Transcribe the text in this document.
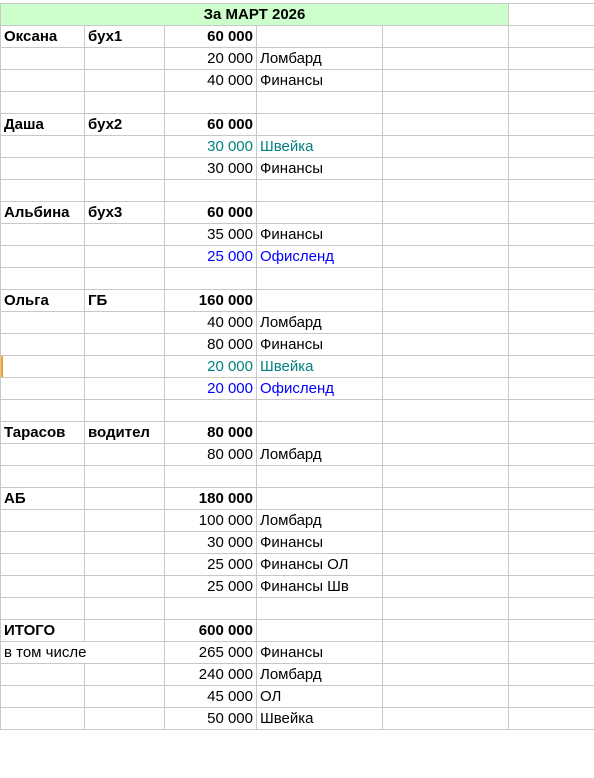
За МАРТ 2026					
Оксана	бух1	60 000			
		20 000	Ломбард		
		40 000	Финансы		

Даша	бух2	60 000			
		30 000	Швейка		
		30 000	Финансы		

Альбина	бух3	60 000			
		35 000	Финансы		
		25 000	Офисленд		

Ольга	ГБ	160 000			
		40 000	Ломбард		
		80 000	Финансы		
		20 000	Швейка		
		20 000	Офисленд		

Тарасов	водител	80 000			
		80 000	Ломбард		

АБ		180 000			
		100 000	Ломбард		
		30 000	Финансы		
		25 000	Финансы ОЛ		
		25 000	Финансы Шв		

ИТОГО		600 000			
в том числе		265 000	Финансы		
		240 000	Ломбард		
		45 000	ОЛ		
		50 000	Швейка		
